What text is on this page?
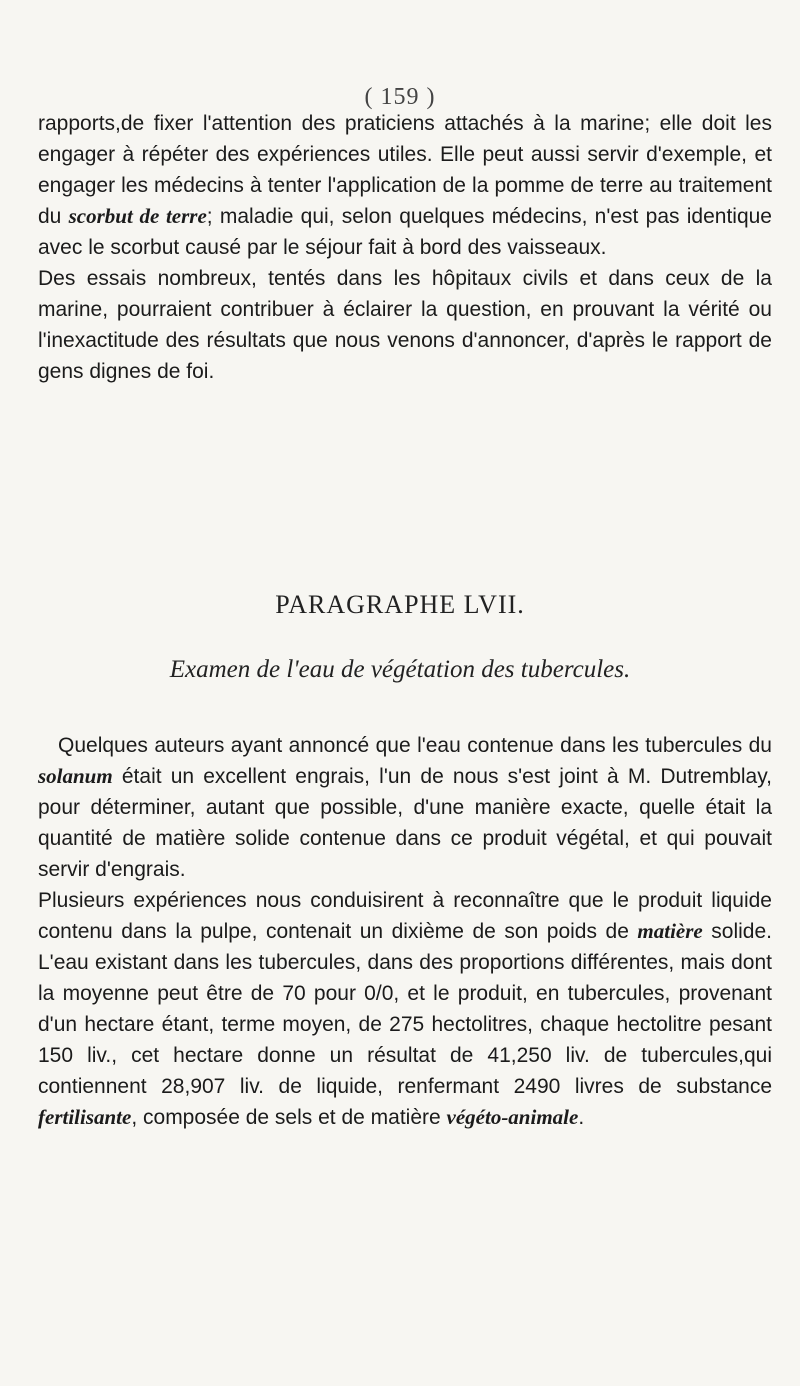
( 159 )

rapports,de fixer l'attention des praticiens attachés à la marine; elle doit les engager à répéter des expériences utiles. Elle peut aussi servir d'exemple, et engager les médecins à tenter l'application de la pomme de terre au traitement du scorbut de terre; maladie qui, selon quelques médecins, n'est pas identique avec le scorbut causé par le séjour fait à bord des vaisseaux.

Des essais nombreux, tentés dans les hôpitaux civils et dans ceux de la marine, pourraient contribuer à éclairer la question, en prouvant la vérité ou l'inexactitude des résultats que nous venons d'annoncer, d'après le rapport de gens dignes de foi.

PARAGRAPHE LVII.
Examen de l'eau de végétation des tubercules.

Quelques auteurs ayant annoncé que l'eau contenue dans les tubercules du solanum était un excellent engrais, l'un de nous s'est joint à M. Dutremblay, pour déterminer, autant que possible, d'une manière exacte, quelle était la quantité de matière solide contenue dans ce produit végétal, et qui pouvait servir d'engrais.

Plusieurs expériences nous conduisirent à reconnaître que le produit liquide contenu dans la pulpe, contenait un dixième de son poids de matière solide. L'eau existant dans les tubercules, dans des proportions différentes, mais dont la moyenne peut être de 70 pour 0/0, et le produit, en tubercules, provenant d'un hectare étant, terme moyen, de 275 hectolitres, chaque hectolitre pesant 150 liv., cet hectare donne un résultat de 41,250 liv. de tubercules,qui contiennent 28,907 liv. de liquide, renfermant 2490 livres de substance fertilisante, composée de sels et de matière végéto-animale.
